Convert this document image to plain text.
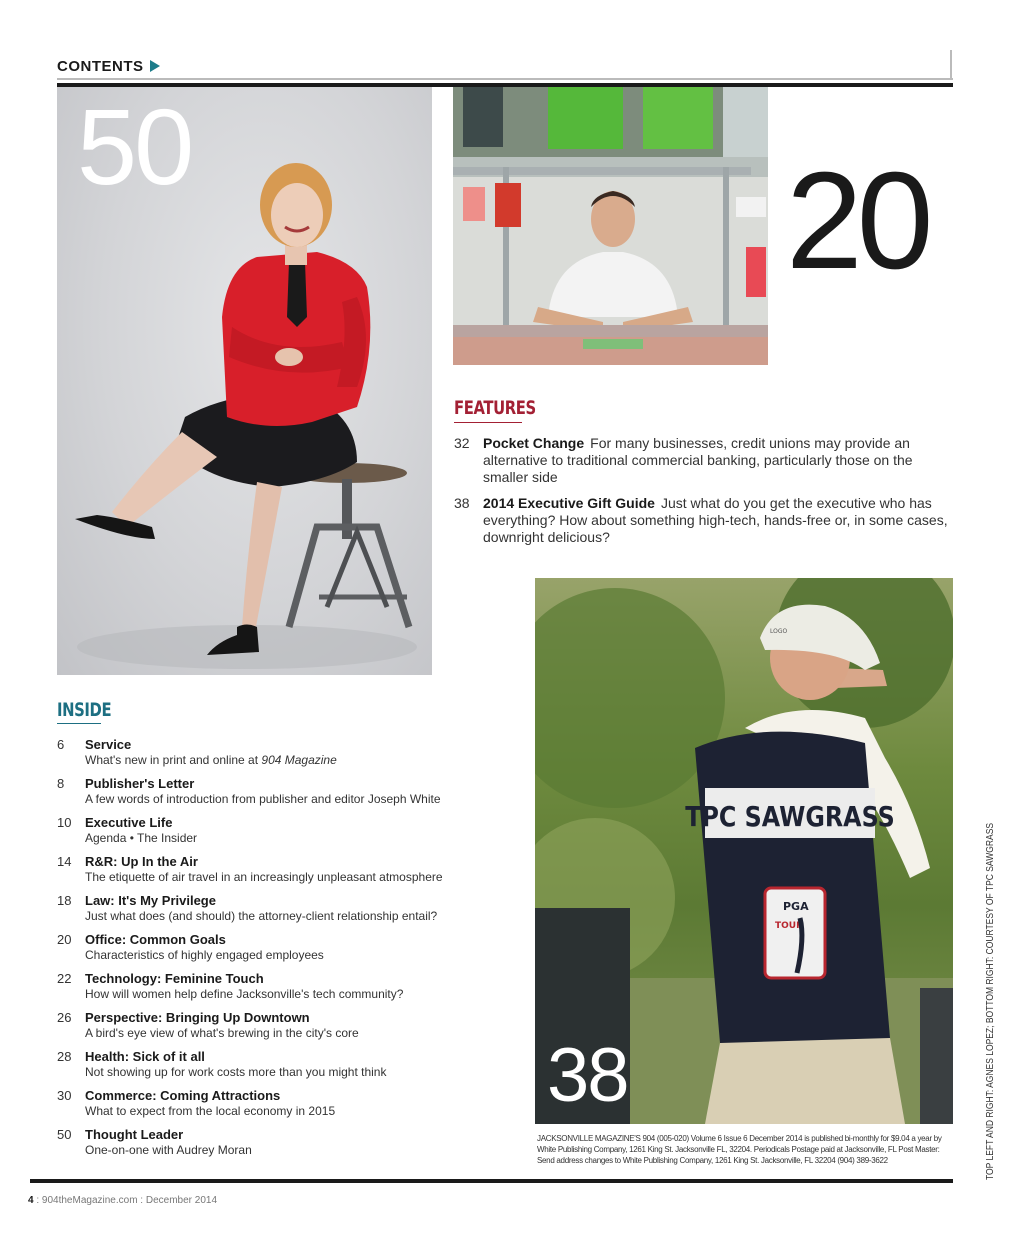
CONTENTS
50	20
FEATURES
32 Pocket Change For many businesses, credit unions may provide an alternative to traditional commercial banking, particularly those on the smaller side
38 2014 Executive Gift Guide Just what do you get the executive who has everything? How about something high-tech, hands-free or, in some cases, downright delicious?
INSIDE
6	Service
What's new in print and online at 904 Magazine
8	Publisher's Letter
A few words of introduction from publisher and editor Joseph White
10	Executive Life
Agenda • The Insider
14	R&R: Up In the Air
The etiquette of air travel in an increasingly unpleasant atmosphere
18	Law: It's My Privilege
Just what does (and should) the attorney-client relationship entail?
20	Office: Common Goals
Characteristics of highly engaged employees
22	Technology: Feminine Touch
How will women help define Jacksonville's tech community?
26	Perspective: Bringing Up Downtown
A bird's eye view of what's brewing in the city's core
28	Health: Sick of it all
Not showing up for work costs more than you might think
30	Commerce: Coming Attractions
What to expect from the local economy in 2015
50	Thought Leader
One-on-one with Audrey Moran
TPC SAWGRASS
PGA
TOUR
LOGO
38	TOP LEFT AND RIGHT: AGNES LOPEZ; BOTTOM RIGHT: COURTESY OF TPC SAWGRASS
JACKSONVILLE MAGAZINE'S 904 (005-020) Volume 6 Issue 6 December 2014 is published bi-monthly for $9.04 a year by White Publishing Company, 1261 King St. Jacksonville FL, 32204. Periodicals Postage paid at Jacksonville, FL Post Master: Send address changes to White Publishing Company, 1261 King St. Jacksonville, FL 32204 (904) 389-3622
4 : 904theMagazine.com : December 2014
